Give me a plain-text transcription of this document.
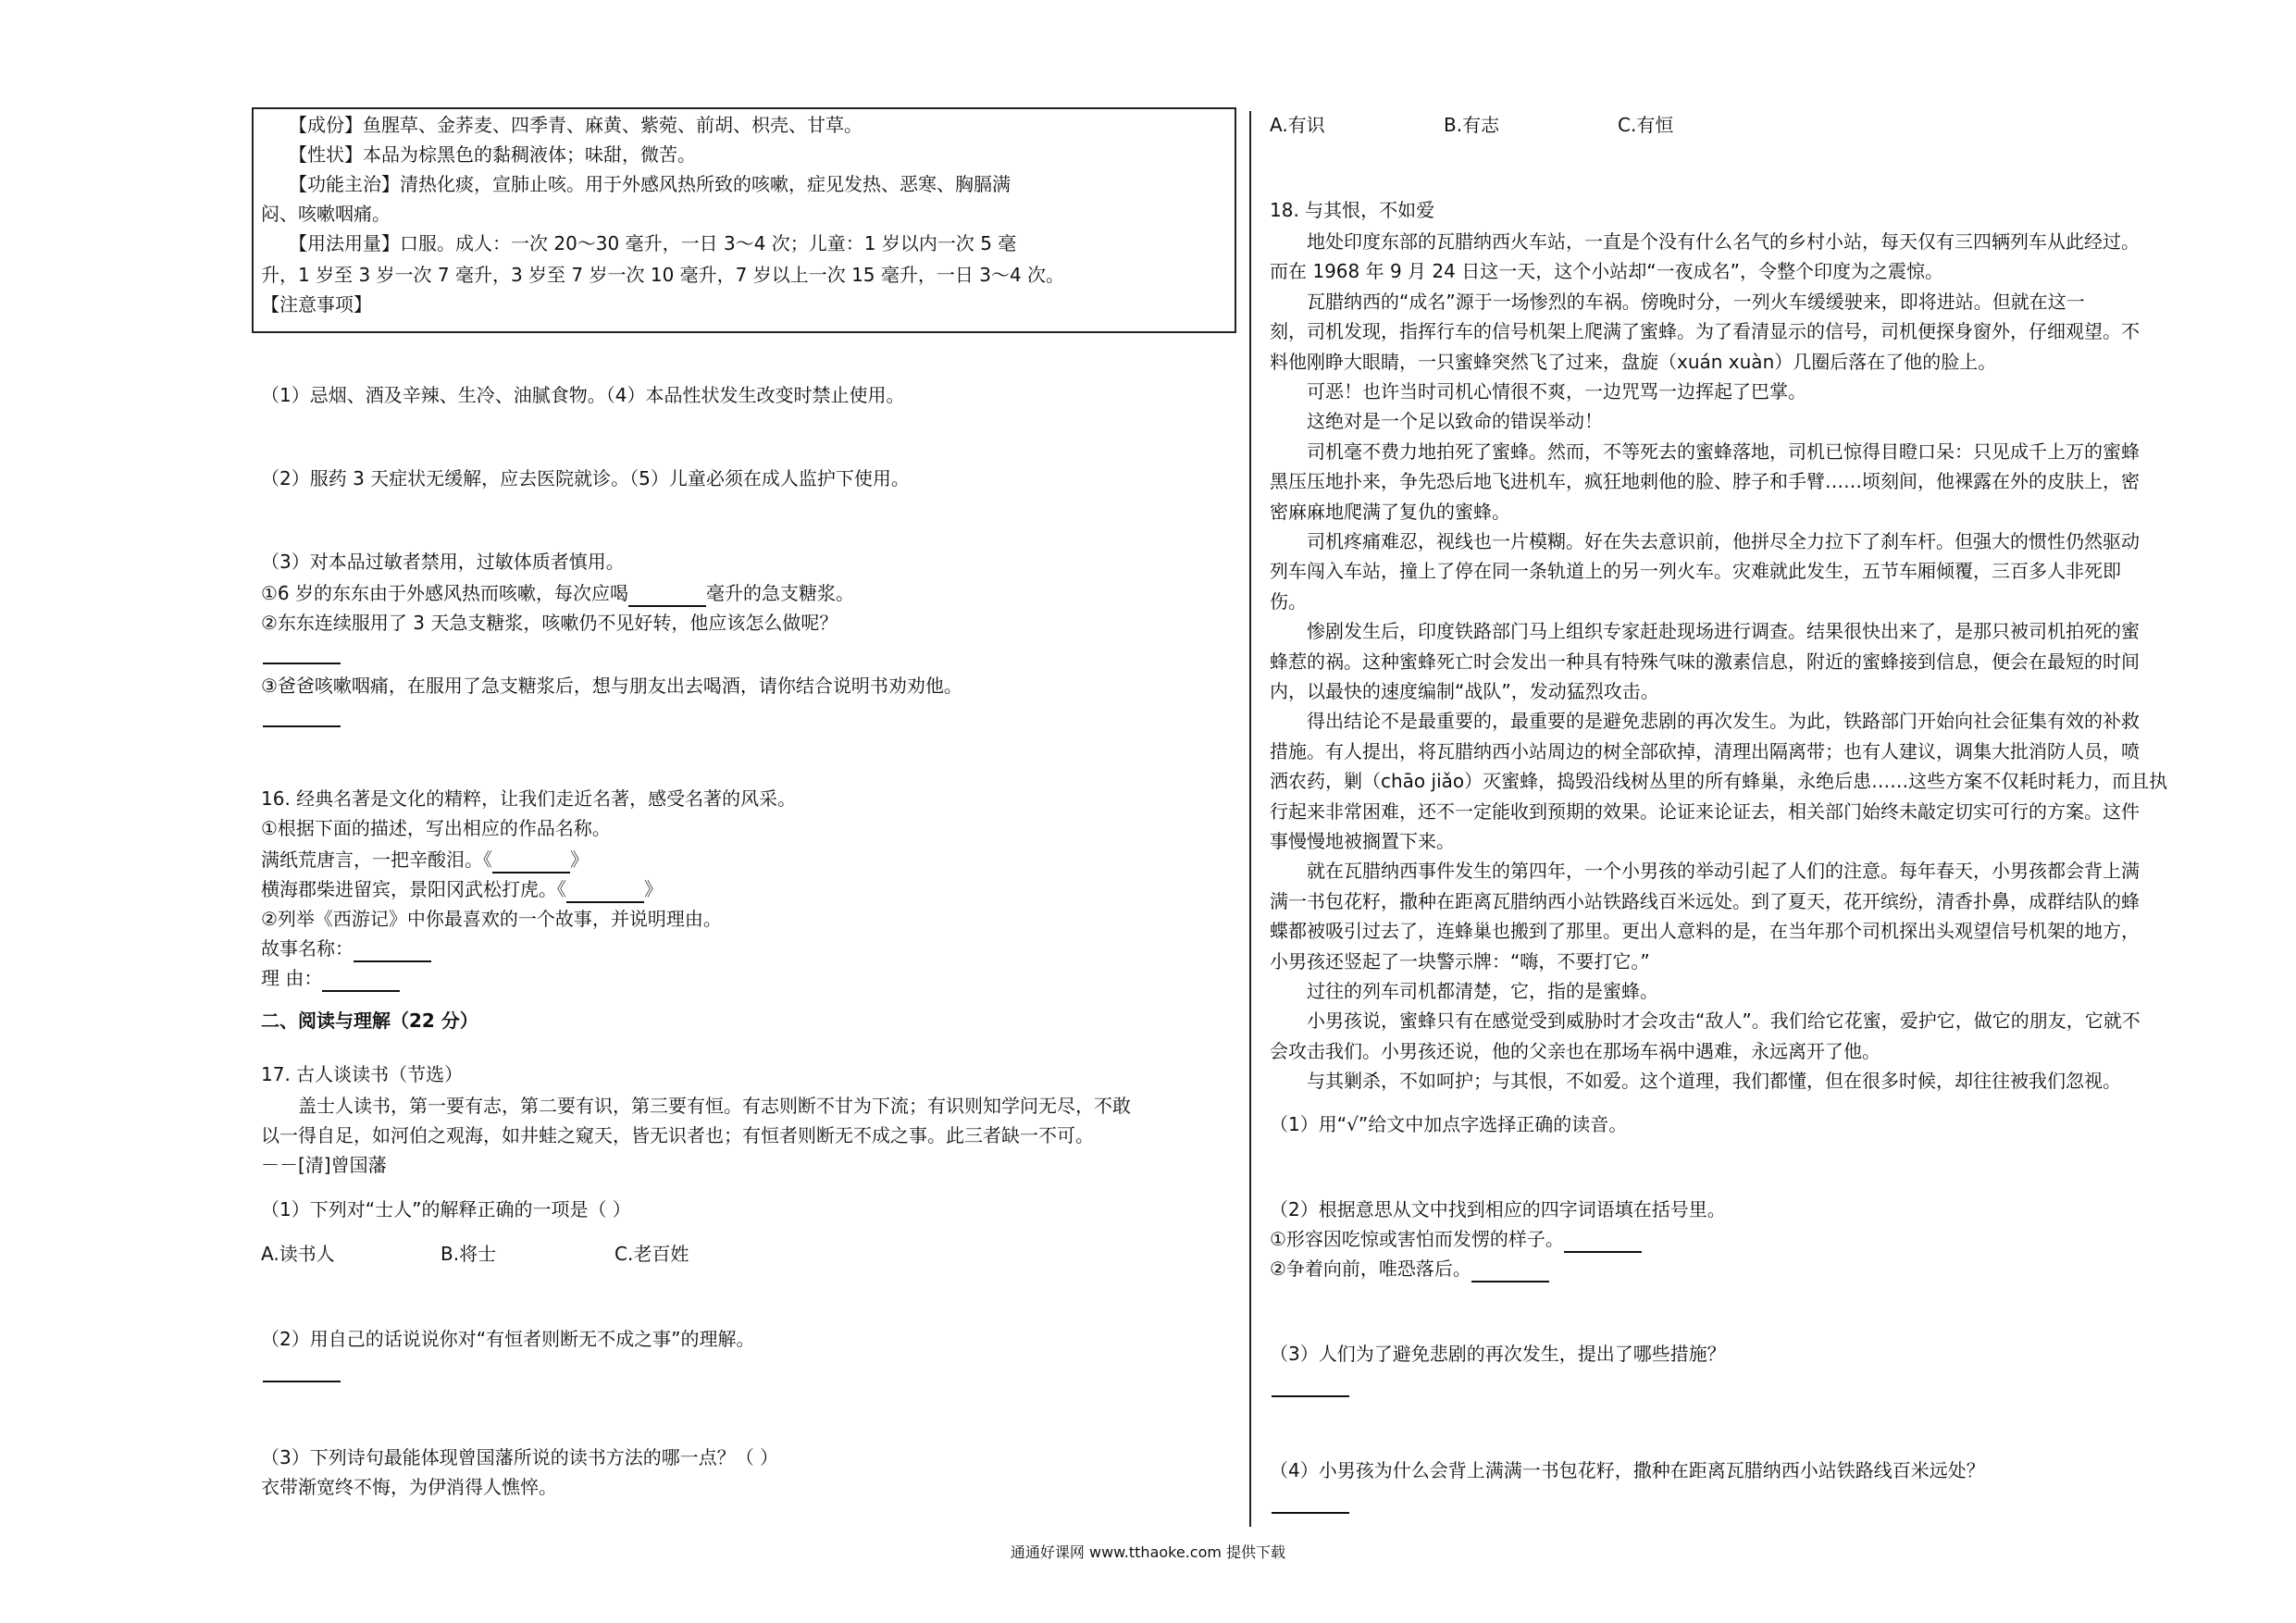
　　【成份】鱼腥草、金荞麦、四季青、麻黄、紫菀、前胡、枳壳、甘草。
　　【性状】本品为棕黑色的黏稠液体；味甜，微苦。
　　【功能主治】清热化痰，宣肺止咳。用于外感风热所致的咳嗽，症见发热、恶寒、胸膈满
闷、咳嗽咽痛。
　　【用法用量】口服。成人：一次 20～30 毫升，一日 3～4 次；儿童：1 岁以内一次 5 毫
升，1 岁至 3 岁一次 7 毫升，3 岁至 7 岁一次 10 毫升，7 岁以上一次 15 毫升，一日 3～4 次。
【注意事项】
（1）忌烟、酒及辛辣、生冷、油腻食物。（4）本品性状发生改变时禁止使用。
（2）服药 3 天症状无缓解，应去医院就诊。（5）儿童必须在成人监护下使用。
（3）对本品过敏者禁用，过敏体质者慎用。
①6 岁的东东由于外感风热而咳嗽，每次应喝	毫升的急支糖浆。
②东东连续服用了 3 天急支糖浆，咳嗽仍不见好转，他应该怎么做呢？
③爸爸咳嗽咽痛，在服用了急支糖浆后，想与朋友出去喝酒，请你结合说明书劝劝他。
16. 经典名著是文化的精粹，让我们走近名著，感受名著的风采。
①根据下面的描述，写出相应的作品名称。
满纸荒唐言，一把辛酸泪。《	》
横海郡柴进留宾，景阳冈武松打虎。《	》
②列举《西游记》中你最喜欢的一个故事，并说明理由。
故事名称：
理 由：
二、阅读与理解（22 分）
17. 古人谈读书（节选）
　　盖士人读书，第一要有志，第二要有识，第三要有恒。有志则断不甘为下流；有识则知学问无尽，不敢
以一得自足，如河伯之观海，如井蛙之窥天，皆无识者也；有恒者则断无不成之事。此三者缺一不可。
－－[清]曾国藩
（1）下列对“士人”的解释正确的一项是（ ）
A.读书人	B.将士	C.老百姓
（2）用自己的话说说你对“有恒者则断无不成之事”的理解。
（3）下列诗句最能体现曾国藩所说的读书方法的哪一点？（ ）
衣带渐宽终不悔，为伊消得人憔悴。
A.有识	B.有志	C.有恒
18. 与其恨，不如爱
　　地处印度东部的瓦腊纳西火车站，一直是个没有什么名气的乡村小站，每天仅有三四辆列车从此经过。
而在 1968 年 9 月 24 日这一天，这个小站却“一夜成名”，令整个印度为之震惊。
　　瓦腊纳西的“成名”源于一场惨烈的车祸。傍晚时分，一列火车缓缓驶来，即将进站。但就在这一
刻，司机发现，指挥行车的信号机架上爬满了蜜蜂。为了看清显示的信号，司机便探身窗外，仔细观望。不
料他刚睁大眼睛，一只蜜蜂突然飞了过来，盘旋（xuán xuàn）几圈后落在了他的脸上。
　　可恶！也许当时司机心情很不爽，一边咒骂一边挥起了巴掌。
　　这绝对是一个足以致命的错误举动！
　　司机毫不费力地拍死了蜜蜂。然而，不等死去的蜜蜂落地，司机已惊得目瞪口呆：只见成千上万的蜜蜂
黑压压地扑来，争先恐后地飞进机车，疯狂地刺他的脸、脖子和手臂……顷刻间，他裸露在外的皮肤上，密
密麻麻地爬满了复仇的蜜蜂。
　　司机疼痛难忍，视线也一片模糊。好在失去意识前，他拼尽全力拉下了刹车杆。但强大的惯性仍然驱动
列车闯入车站，撞上了停在同一条轨道上的另一列火车。灾难就此发生，五节车厢倾覆，三百多人非死即
伤。
　　惨剧发生后，印度铁路部门马上组织专家赶赴现场进行调查。结果很快出来了，是那只被司机拍死的蜜
蜂惹的祸。这种蜜蜂死亡时会发出一种具有特殊气味的激素信息，附近的蜜蜂接到信息，便会在最短的时间
内，以最快的速度编制“战队”，发动猛烈攻击。
　　得出结论不是最重要的，最重要的是避免悲剧的再次发生。为此，铁路部门开始向社会征集有效的补救
措施。有人提出，将瓦腊纳西小站周边的树全部砍掉，清理出隔离带；也有人建议，调集大批消防人员，喷
洒农药，剿（chāo jiǎo）灭蜜蜂，捣毁沿线树丛里的所有蜂巢，永绝后患……这些方案不仅耗时耗力，而且执
行起来非常困难，还不一定能收到预期的效果。论证来论证去，相关部门始终未敲定切实可行的方案。这件
事慢慢地被搁置下来。
　　就在瓦腊纳西事件发生的第四年，一个小男孩的举动引起了人们的注意。每年春天，小男孩都会背上满
满一书包花籽，撒种在距离瓦腊纳西小站铁路线百米远处。到了夏天，花开缤纷，清香扑鼻，成群结队的蜂
蝶都被吸引过去了，连蜂巢也搬到了那里。更出人意料的是，在当年那个司机探出头观望信号机架的地方，
小男孩还竖起了一块警示牌：“嗨，不要打它。”
　　过往的列车司机都清楚，它，指的是蜜蜂。
　　小男孩说，蜜蜂只有在感觉受到威胁时才会攻击“敌人”。我们给它花蜜，爱护它，做它的朋友，它就不
会攻击我们。小男孩还说，他的父亲也在那场车祸中遇难，永远离开了他。
　　与其剿杀，不如呵护；与其恨，不如爱。这个道理，我们都懂，但在很多时候，却往往被我们忽视。
（1）用“√”给文中加点字选择正确的读音。
（2）根据意思从文中找到相应的四字词语填在括号里。
①形容因吃惊或害怕而发愣的样子。
②争着向前，唯恐落后。
（3）人们为了避免悲剧的再次发生，提出了哪些措施？
（4）小男孩为什么会背上满满一书包花籽，撒种在距离瓦腊纳西小站铁路线百米远处？
通通好课网 www.tthaoke.com 提供下载
